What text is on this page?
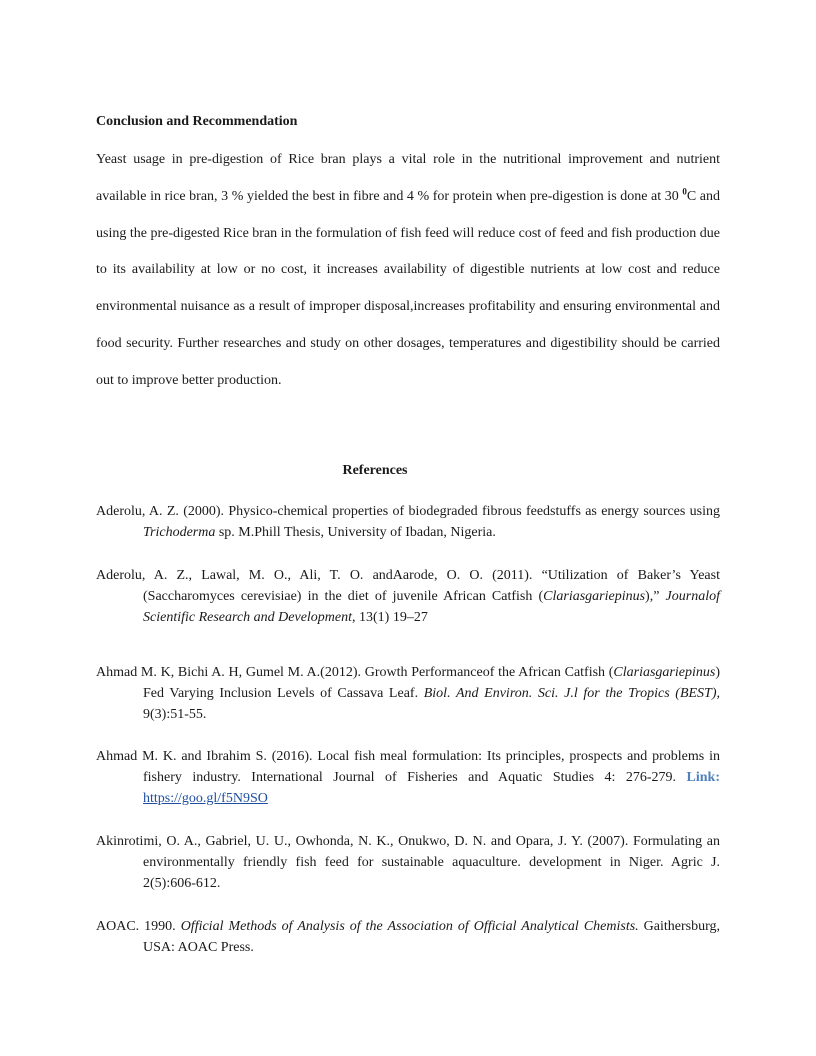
Conclusion and Recommendation

Yeast usage in pre-digestion of Rice bran plays a vital role in the nutritional improvement and nutrient available in rice bran, 3 % yielded the best in fibre and 4 % for protein when pre-digestion is done at 30 $^0$C and using the pre-digested Rice bran in the formulation of fish feed will reduce cost of feed and fish production due to its availability at low or no cost, it increases availability of digestible nutrients at low cost and reduce environmental nuisance as a result of improper disposal,increases profitability and ensuring environmental and food security. Further researches and study on other dosages, temperatures and digestibility should be carried out to improve better production.

References

Aderolu, A. Z. (2000). Physico-chemical properties of biodegraded fibrous feedstuffs as energy sources using Trichoderma sp. M.Phill Thesis, University of Ibadan, Nigeria.

Aderolu, A. Z., Lawal, M. O., Ali, T. O. andAarode, O. O. (2011). “Utilization of Baker’s Yeast (Saccharomyces cerevisiae) in the diet of juvenile African Catfish (Clariasgariepinus),” Journalof Scientific Research and Development, 13(1) 19–27

Ahmad M. K, Bichi A. H, Gumel M. A.(2012). Growth Performanceof the African Catfish (Clariasgariepinus) Fed Varying Inclusion Levels of Cassava Leaf. Biol. And Environ. Sci. J.l for the Tropics (BEST), 9(3):51-55.

Ahmad M. K. and Ibrahim S. (2016). Local fish meal formulation: Its principles, prospects and problems in fishery industry. International Journal of Fisheries and Aquatic Studies 4: 276-279. Link: https://goo.gl/f5N9SO

Akinrotimi, O. A., Gabriel, U. U., Owhonda, N. K., Onukwo, D. N. and Opara, J. Y. (2007). Formulating an environmentally friendly fish feed for sustainable aquaculture. development in Niger. Agric J. 2(5):606-612.

AOAC. 1990. Official Methods of Analysis of the Association of Official Analytical Chemists. Gaithersburg, USA: AOAC Press.
